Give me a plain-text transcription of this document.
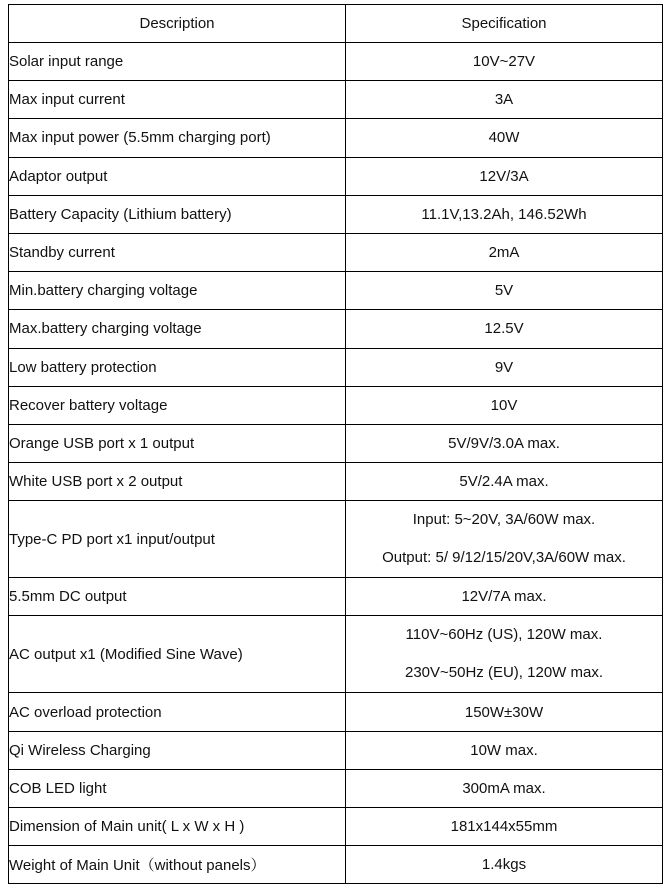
Description	Specification
Solar input range	10V~27V
Max input current	3A
Max input power (5.5mm charging port)	40W
Adaptor output	12V/3A
Battery Capacity (Lithium battery)	11.1V,13.2Ah, 146.52Wh
Standby current	2mA
Min.battery charging voltage	5V
Max.battery charging voltage	12.5V
Low battery protection	9V
Recover battery voltage	10V
Orange USB port x 1 output	5V/9V/3.0A max.
White USB port x 2 output	5V/2.4A max.
Type-C PD port x1 input/output	Input: 5~20V, 3A/60W max.
Output: 5/ 9/12/15/20V,3A/60W max.

5.5mm DC output	12V/7A max.
AC output x1 (Modified Sine Wave)	110V~60Hz (US), 120W max.
230V~50Hz (EU), 120W max.

AC overload protection	150W±30W
Qi Wireless Charging	10W max.
COB LED light	300mA max.
Dimension of Main unit( L x W x H )	181x144x55mm
Weight of Main Unit（without panels）	1.4kgs
